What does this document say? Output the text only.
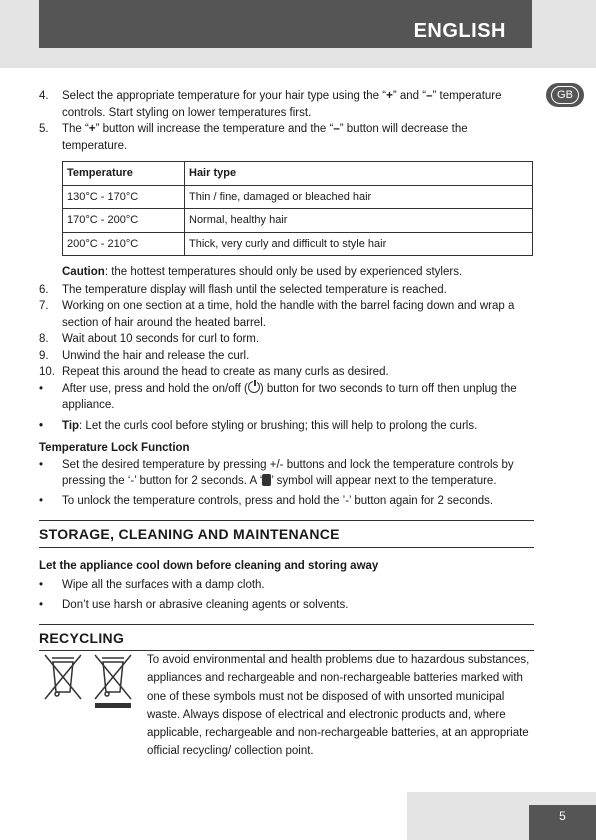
ENGLISH
GB
4.	Select the appropriate temperature for your hair type using the “+” and “–” temperature controls. Start styling on lower temperatures first.
5.	The “+” button will increase the temperature and the “–” button will decrease the temperature.
Temperature	Hair type
130°C - 170°C	Thin / fine, damaged or bleached hair
170°C - 200°C	Normal, healthy hair
200°C - 210°C	Thick, very curly and difficult to style hair
Caution: the hottest temperatures should only be used by experienced stylers.
6.	The temperature display will flash until the selected temperature is reached.
7.	Working on one section at a time, hold the handle with the barrel facing down and wrap a section of hair around the heated barrel.
8.	Wait about 10 seconds for curl to form.
9.	Unwind the hair and release the curl.
10. Repeat this around the head to create as many curls as desired.
•	After use, press and hold the on/off ( ) button for two seconds to turn off then unplug the appliance.
•	Tip: Let the curls cool before styling or brushing; this will help to prolong the curls.
Temperature Lock Function
•	Set the desired temperature by pressing +/- buttons and lock the temperature controls by pressing the ‘-’ button for 2 seconds. A ‘ ’ symbol will appear next to the temperature.
•	To unlock the temperature controls, press and hold the ’-’ button again for 2 seconds.
STORAGE, CLEANING AND MAINTENANCE
Let the appliance cool down before cleaning and storing away
•	Wipe all the surfaces with a damp cloth.
•	Don’t use harsh or abrasive cleaning agents or solvents.
RECYCLING
To avoid environmental and health problems due to hazardous substances, appliances and rechargeable and non-rechargeable batteries marked with one of these symbols must not be disposed of with unsorted municipal waste. Always dispose of electrical and electronic products and, where applicable, rechargeable and non-rechargeable batteries, at an appropriate official recycling/ collection point.
5
